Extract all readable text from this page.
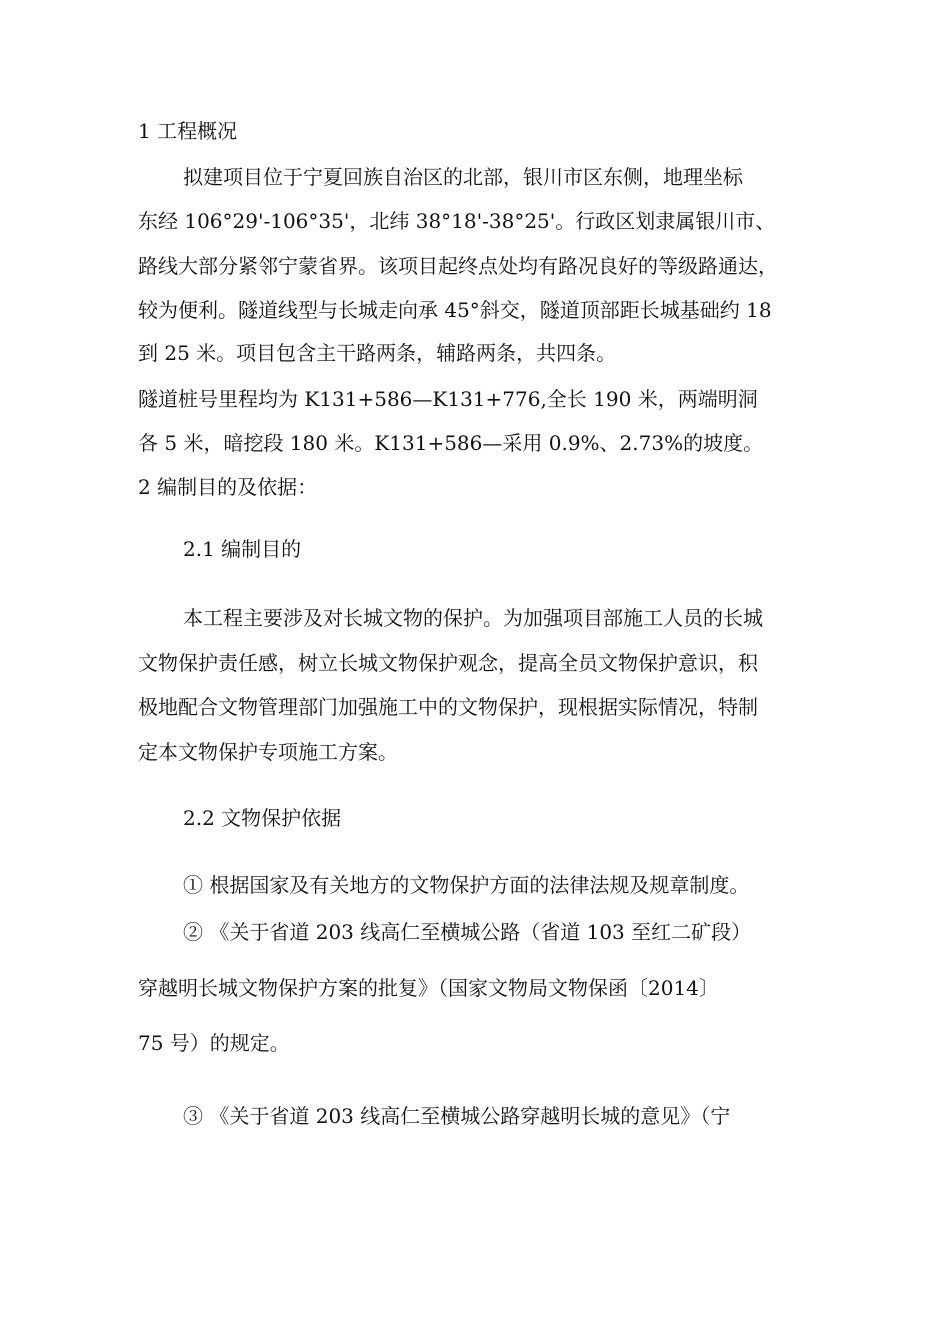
1 工程概况
拟建项目位于宁夏回族自治区的北部，银川市区东侧，地理坐标
东经 106°29'-106°35'，北纬 38°18'-38°25'。行政区划隶属银川市、
路线大部分紧邻宁蒙省界。该项目起终点处均有路况良好的等级路通达，
较为便利。隧道线型与长城走向承 45°斜交，隧道顶部距长城基础约 18
到 25 米。项目包含主干路两条，辅路两条，共四条。
隧道桩号里程均为 K131+586—K131+776,全长 190 米，两端明洞
各 5 米，暗挖段 180 米。K131+586—采用 0.9%、2.73%的坡度。
2 编制目的及依据：
2.1 编制目的
本工程主要涉及对长城文物的保护。为加强项目部施工人员的长城
文物保护责任感，树立长城文物保护观念，提高全员文物保护意识，积
极地配合文物管理部门加强施工中的文物保护，现根据实际情况，特制
定本文物保护专项施工方案。
2.2 文物保护依据
① 根据国家及有关地方的文物保护方面的法律法规及规章制度。
② 《关于省道 203 线高仁至横城公路（省道 103 至红二矿段）
穿越明长城文物保护方案的批复》（国家文物局文物保函〔2014〕
75 号）的规定。
③ 《关于省道 203 线高仁至横城公路穿越明长城的意见》（宁
